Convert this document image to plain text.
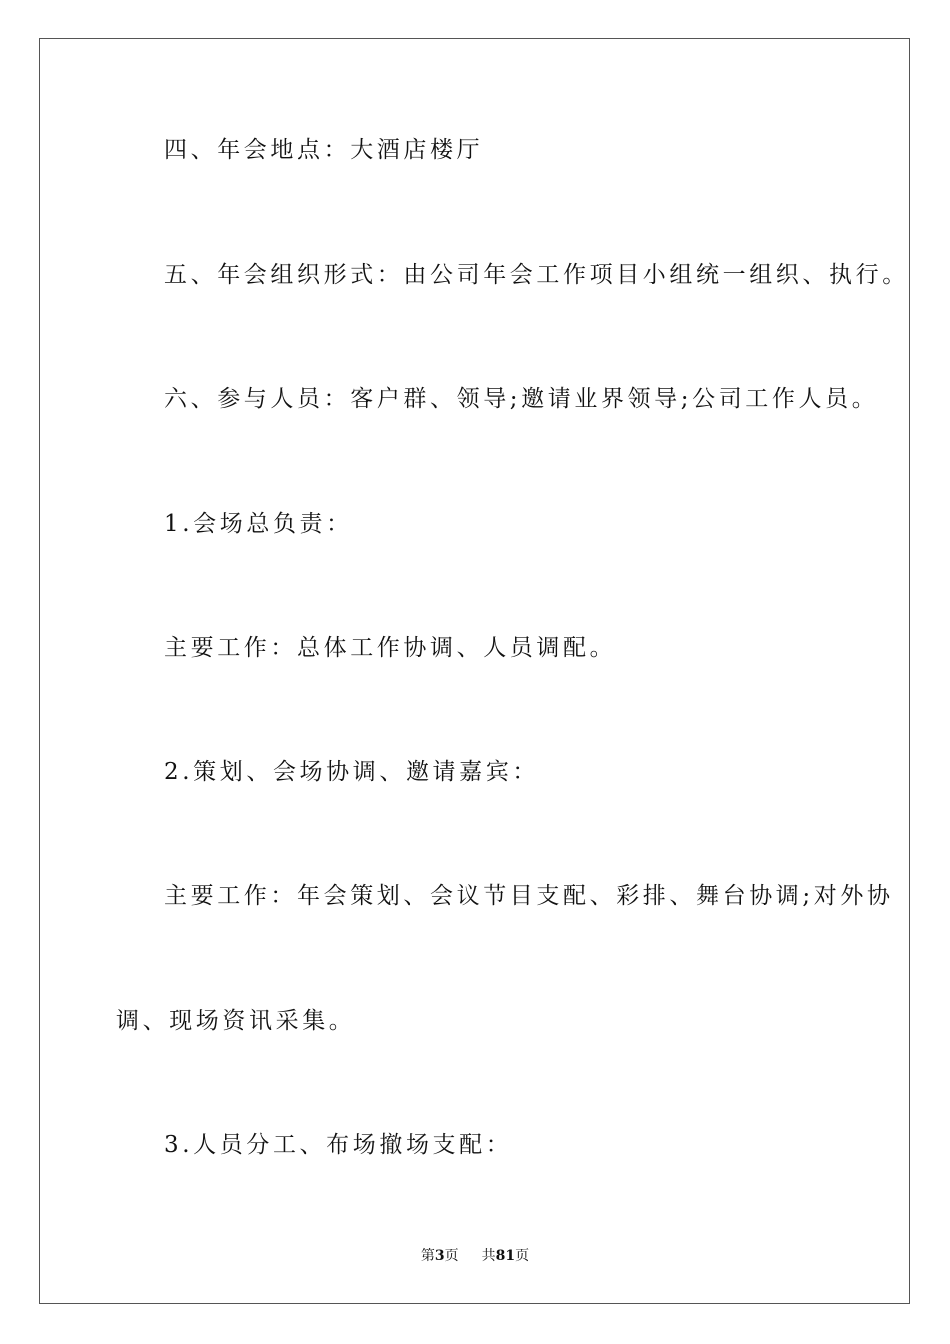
四、年会地点：大酒店楼厅

五、年会组织形式：由公司年会工作项目小组统一组织、执行。

六、参与人员：客户群、领导;邀请业界领导;公司工作人员。

1.会场总负责：

主要工作：总体工作协调、人员调配。

2.策划、会场协调、邀请嘉宾：

主要工作：年会策划、会议节目支配、彩排、舞台协调;对外协

调、现场资讯采集。

3.人员分工、布场撤场支配：

第3页 共81页
